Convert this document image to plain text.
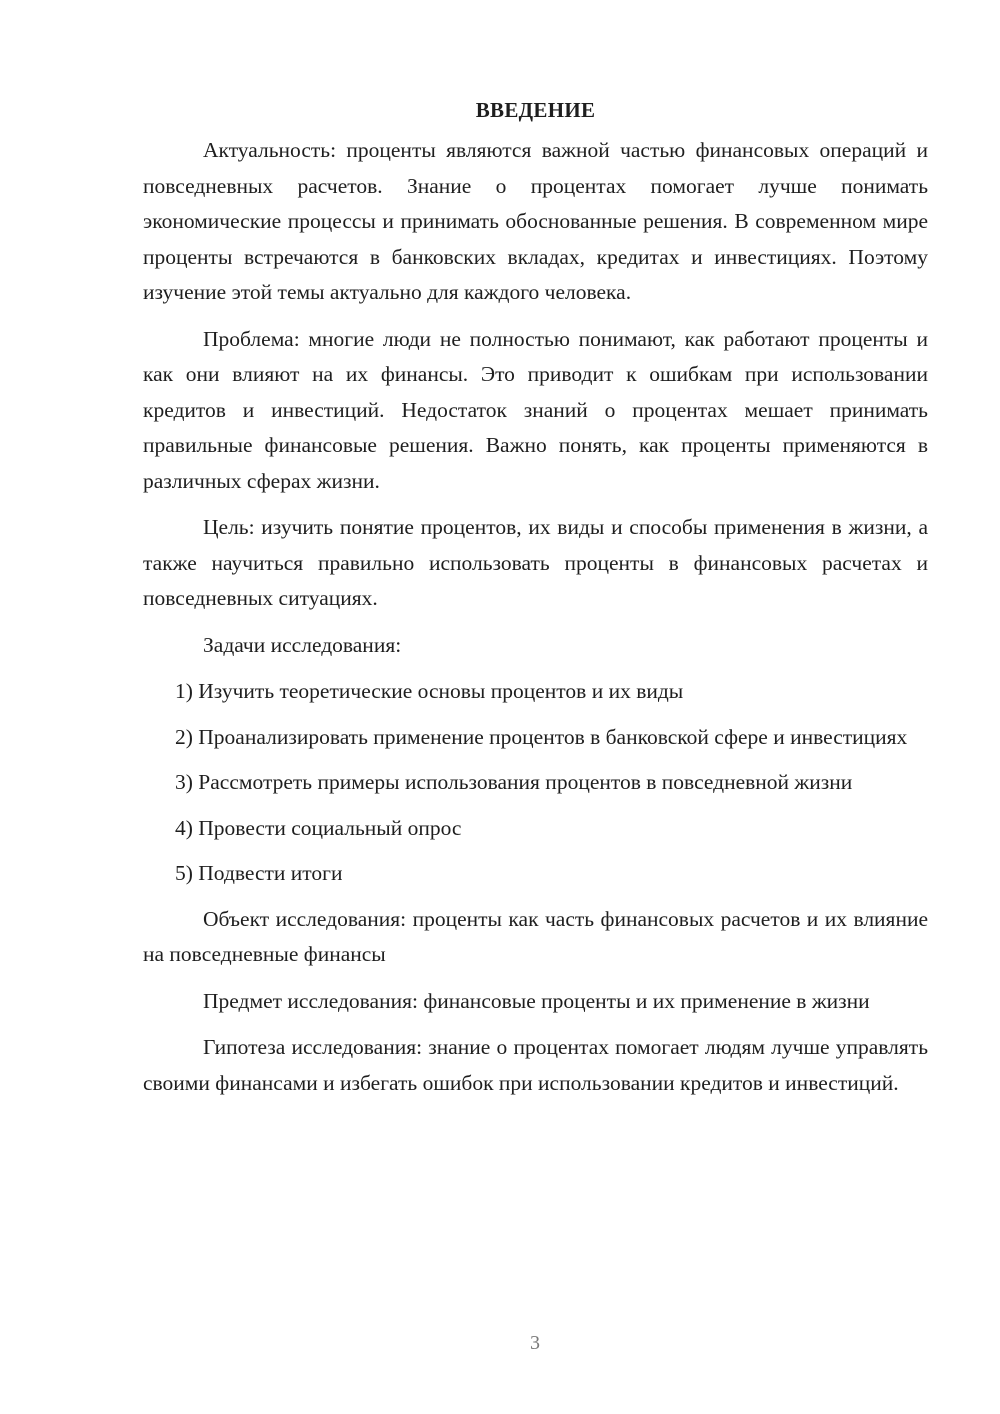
ВВЕДЕНИЕ

Актуальность: проценты являются важной частью финансовых операций и повседневных расчетов. Знание о процентах помогает лучше понимать экономические процессы и принимать обоснованные решения. В современном мире проценты встречаются в банковских вкладах, кредитах и инвестициях. Поэтому изучение этой темы актуально для каждого человека.

Проблема: многие люди не полностью понимают, как работают проценты и как они влияют на их финансы. Это приводит к ошибкам при использовании кредитов и инвестиций. Недостаток знаний о процентах мешает принимать правильные финансовые решения. Важно понять, как проценты применяются в различных сферах жизни.

Цель: изучить понятие процентов, их виды и способы применения в жизни, а также научиться правильно использовать проценты в финансовых расчетах и повседневных ситуациях.

Задачи исследования:

1) Изучить теоретические основы процентов и их виды

2) Проанализировать применение процентов в банковской сфере и инвестициях

3) Рассмотреть примеры использования процентов в повседневной жизни

4) Провести социальный опрос

5) Подвести итоги

Объект исследования: проценты как часть финансовых расчетов и их влияние на повседневные финансы

Предмет исследования: финансовые проценты и их применение в жизни

Гипотеза исследования: знание о процентах помогает людям лучше управлять своими финансами и избегать ошибок при использовании кредитов и инвестиций.

3
